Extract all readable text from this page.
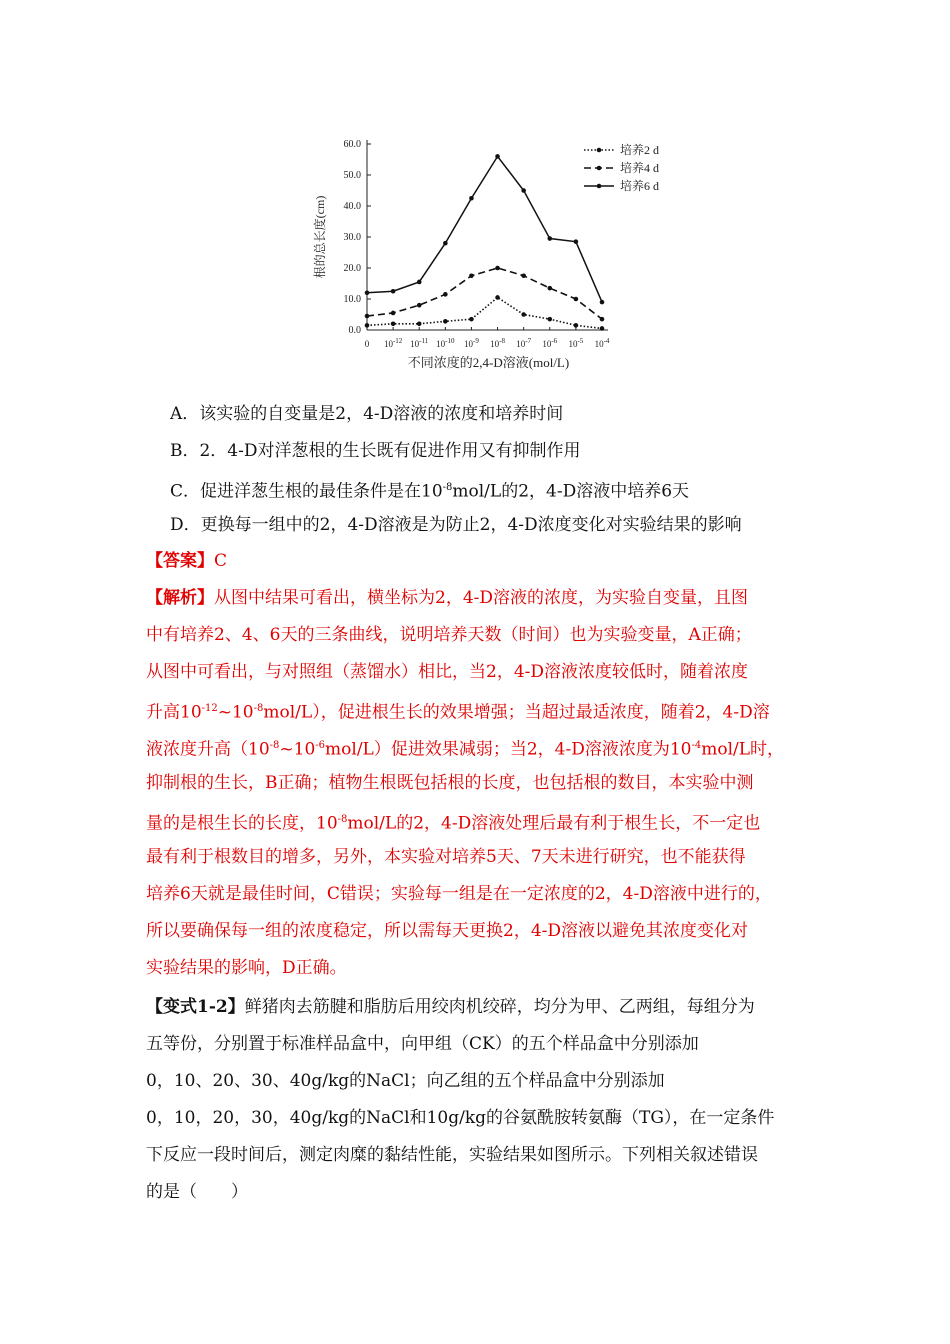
0.0
10.0
20.0
30.0
40.0
50.0
60.0
0 $10^{-12}$ $10^{-11}$ $10^{-10}$ $10^{-9}$ $10^{-8}$ $10^{-7}$ $10^{-6}$ $10^{-5}$ $10^{-4}$
根的总长度(cm)
不同浓度的2,4-D溶液(mol/L)
培养2 d
培养4 d
培养6 d
A．该实验的自变量是2，4-D溶液的浓度和培养时间
B．2．4-D对洋葱根的生长既有促进作用又有抑制作用
C．促进洋葱生根的最佳条件是在$10^{-8}mol/L$的2，4-D溶液中培养6天
D．更换每一组中的2，4-D溶液是为防止2，4-D浓度变化对实验结果的影响
【答案】C
【解析】从图中结果可看出，横坐标为2，4-D溶液的浓度，为实验自变量，且图
中有培养2、4、6天的三条曲线，说明培养天数（时间）也为实验变量，A正确；
从图中可看出，与对照组（蒸馏水）相比，当2，4-D溶液浓度较低时，随着浓度
升高$10^{-12}\sim 10^{-8}mol/L$），促进根生长的效果增强；当超过最适浓度，随着2，4-D溶
液浓度升高$(10^{-8}\sim 10^{-6}mol/L)$促进效果减弱；当2，4-D溶液浓度为$10^{-4}mol/L$时，
抑制根的生长，B正确；植物生根既包括根的长度，也包括根的数目，本实验中测
量的是根生长的长度，$10^{-8}mol/L$的2，4-D溶液处理后最有利于根生长，不一定也
最有利于根数目的增多，另外，本实验对培养5天、7天未进行研究，也不能获得
培养6天就是最佳时间，C错误；实验每一组是在一定浓度的2，4-D溶液中进行的，
所以要确保每一组的浓度稳定，所以需每天更换2，4-D溶液以避免其浓度变化对
实验结果的影响，D正确。
【变式1-2】鲜猪肉去筋腱和脂肪后用绞肉机绞碎，均分为甲、乙两组，每组分为
五等份，分别置于标准样品盒中，向甲组（CK）的五个样品盒中分别添加
0，10、20、30、40g/kg的NaCl；向乙组的五个样品盒中分别添加
0，10，20，30，40g/kg的NaCl和10g/kg的谷氨酰胺转氨酶（TG），在一定条件
下反应一段时间后，测定肉糜的黏结性能，实验结果如图所示。下列相关叙述错误
的是（　　）
